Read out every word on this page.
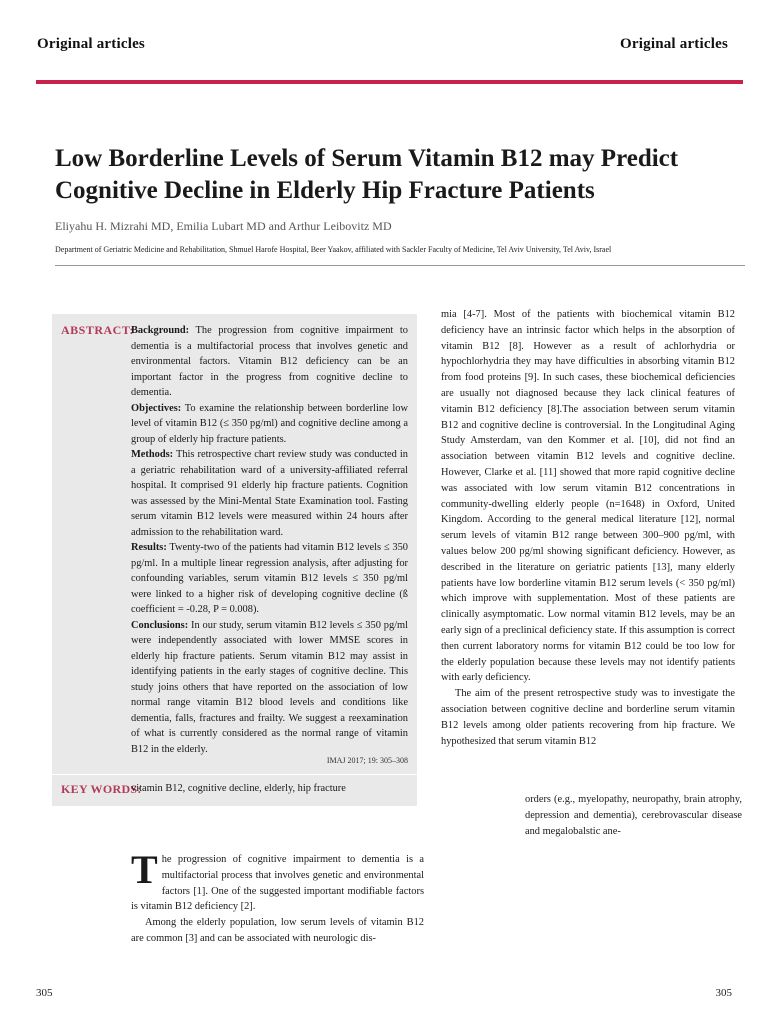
Original articles	Original articles
Low Borderline Levels of Serum Vitamin B12 may Predict Cognitive Decline in Elderly Hip Fracture Patients
Eliyahu H. Mizrahi MD, Emilia Lubart MD and Arthur Leibovitz MD
Department of Geriatric Medicine and Rehabilitation, Shmuel Harofe Hospital, Beer Yaakov, affiliated with Sackler Faculty of Medicine, Tel Aviv University, Tel Aviv, Israel
ABSTRACT:

Background: The progression from cognitive impairment to dementia is a multifactorial process that involves genetic and environmental factors. Vitamin B12 deficiency can be an important factor in the progress from cognitive decline to dementia.

Objectives: To examine the relationship between borderline low level of vitamin B12 (≤ 350 pg/ml) and cognitive decline among a group of elderly hip fracture patients.

Methods: This retrospective chart review study was conducted in a geriatric rehabilitation ward of a university-affiliated referral hospital. It comprised 91 elderly hip fracture patients. Cognition was assessed by the Mini-Mental State Examination tool. Fasting serum vitamin B12 levels were measured within 24 hours after admission to the rehabilitation ward.

Results: Twenty-two of the patients had vitamin B12 levels ≤ 350 pg/ml. In a multiple linear regression analysis, after adjusting for confounding variables, serum vitamin B12 levels ≤ 350 pg/ml were linked to a higher risk of developing cognitive decline (ß coefficient = -0.28, P = 0.008).

Conclusions: In our study, serum vitamin B12 levels ≤ 350 pg/ml were independently associated with lower MMSE scores in elderly hip fracture patients. Serum vitamin B12 may assist in identifying patients in the early stages of cognitive decline. This study joins others that have reported on the association of low normal range vitamin B12 blood levels and conditions like dementia, falls, fractures and frailty. We suggest a reexamination of what is currently considered as the normal range of vitamin B12 in the elderly.

IMAJ 2017; 19: 305–308
KEY WORDS:
vitamin B12, cognitive decline, elderly, hip fracture

The progression of cognitive impairment to dementia is a multifactorial process that involves genetic and environmental factors [1]. One of the suggested important modifiable factors is vitamin B12 deficiency [2].

Among the elderly population, low serum levels of vitamin B12 are common [3] and can be associated with neurologic dis-

mia [4-7]. Most of the patients with biochemical vitamin B12 deficiency have an intrinsic factor which helps in the absorption of vitamin B12 [8]. However as a result of achlorhydria or hypochlorhydria they may have difficulties in absorbing vitamin B12 from food proteins [9]. In such cases, these biochemical deficiencies are usually not diagnosed because they lack clinical features of vitamin B12 deficiency [8].The association between serum vitamin B12 and cognitive decline is controversial. In the Longitudinal Aging Study Amsterdam, van den Kommer et al. [10], did not find an association between vitamin B12 levels and cognitive decline. However, Clarke et al. [11] showed that more rapid cognitive decline was associated with low serum vitamin B12 concentrations in community-dwelling elderly people (n=1648) in Oxford, United Kingdom. According to the general medical literature [12], normal serum levels of vitamin B12 range between 300–900 pg/ml, with values below 200 pg/ml showing significant deficiency. However, as described in the literature on geriatric patients [13], many elderly patients have low borderline vitamin B12 serum levels (< 350 pg/ml) which improve with supplementation. Most of these patients are clinically asymptomatic. Low normal vitamin B12 levels, may be an early sign of a preclinical deficiency state. If this assumption is correct then current laboratory norms for vitamin B12 could be too low for the elderly population because these levels may not identify patients with early deficiency.

The aim of the present retrospective study was to investigate the association between cognitive decline and borderline serum vitamin B12 levels among older patients recovering from hip fracture. We hypothesized that serum vitamin B12

orders (e.g., myelopathy, neuropathy, brain atrophy, depression and dementia), cerebrovascular disease and megalobalstic ane-

305	305
